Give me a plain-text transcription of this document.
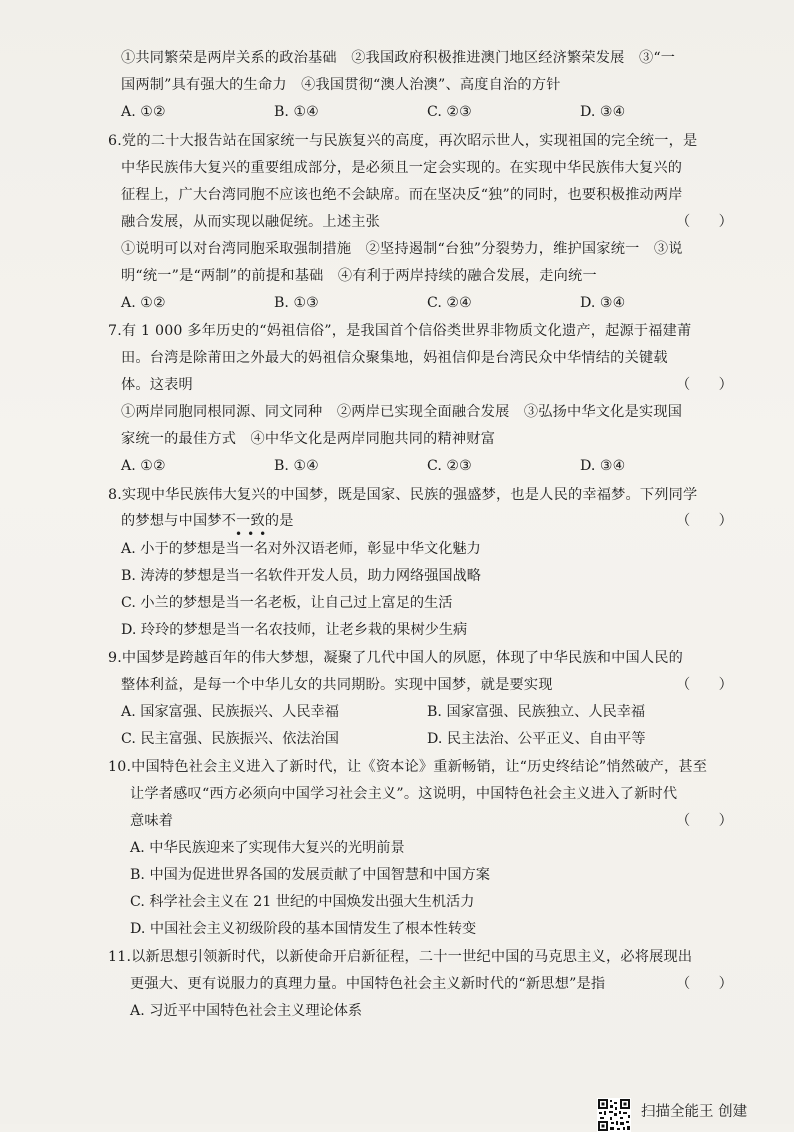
①共同繁荣是两岸关系的政治基础　②我国政府积极推进澳门地区经济繁荣发展　③“一
国两制”具有强大的生命力　④我国贯彻“澳人治澳”、高度自治的方针
A. ①②	B. ①④	C. ②③	D. ③④
6.党的二十大报告站在国家统一与民族复兴的高度，再次昭示世人，实现祖国的完全统一，是
中华民族伟大复兴的重要组成部分，是必须且一定会实现的。在实现中华民族伟大复兴的
征程上，广大台湾同胞不应该也绝不会缺席。而在坚决反“独”的同时，也要积极推动两岸
融合发展，从而实现以融促统。上述主张	（　　）
①说明可以对台湾同胞采取强制措施　②坚持遏制“台独”分裂势力，维护国家统一　③说
明“统一”是“两制”的前提和基础　④有利于两岸持续的融合发展，走向统一
A. ①②	B. ①③	C. ②④	D. ③④
7.有 1 000 多年历史的“妈祖信俗”，是我国首个信俗类世界非物质文化遗产，起源于福建莆
田。台湾是除莆田之外最大的妈祖信众聚集地，妈祖信仰是台湾民众中华情结的关键载
体。这表明	（　　）
①两岸同胞同根同源、同文同种　②两岸已实现全面融合发展　③弘扬中华文化是实现国
家统一的最佳方式　④中华文化是两岸同胞共同的精神财富
A. ①②	B. ①④	C. ②③	D. ③④
8.实现中华民族伟大复兴的中国梦，既是国家、民族的强盛梦，也是人民的幸福梦。下列同学
的梦想与中国梦不一致的是
•••
（　　）
A. 小于的梦想是当一名对外汉语老师，彰显中华文化魅力
B. 涛涛的梦想是当一名软件开发人员，助力网络强国战略
C. 小兰的梦想是当一名老板，让自己过上富足的生活
D. 玲玲的梦想是当一名农技师，让老乡栽的果树少生病
9.中国梦是跨越百年的伟大梦想，凝聚了几代中国人的夙愿，体现了中华民族和中国人民的
整体利益，是每一个中华儿女的共同期盼。实现中国梦，就是要实现	（　　）
A. 国家富强、民族振兴、人民幸福	B. 国家富强、民族独立、人民幸福
C. 民主富强、民族振兴、依法治国	D. 民主法治、公平正义、自由平等
10.中国特色社会主义进入了新时代，让《资本论》重新畅销，让“历史终结论”悄然破产，甚至
让学者感叹“西方必须向中国学习社会主义”。这说明，中国特色社会主义进入了新时代
意味着	（　　）
A. 中华民族迎来了实现伟大复兴的光明前景
B. 中国为促进世界各国的发展贡献了中国智慧和中国方案
C. 科学社会主义在 21 世纪的中国焕发出强大生机活力
D. 中国社会主义初级阶段的基本国情发生了根本性转变
11.以新思想引领新时代，以新使命开启新征程，二十一世纪中国的马克思主义，必将展现出
更强大、更有说服力的真理力量。中国特色社会主义新时代的“新思想”是指	（　　）
A. 习近平中国特色社会主义理论体系
扫描全能王 创建
